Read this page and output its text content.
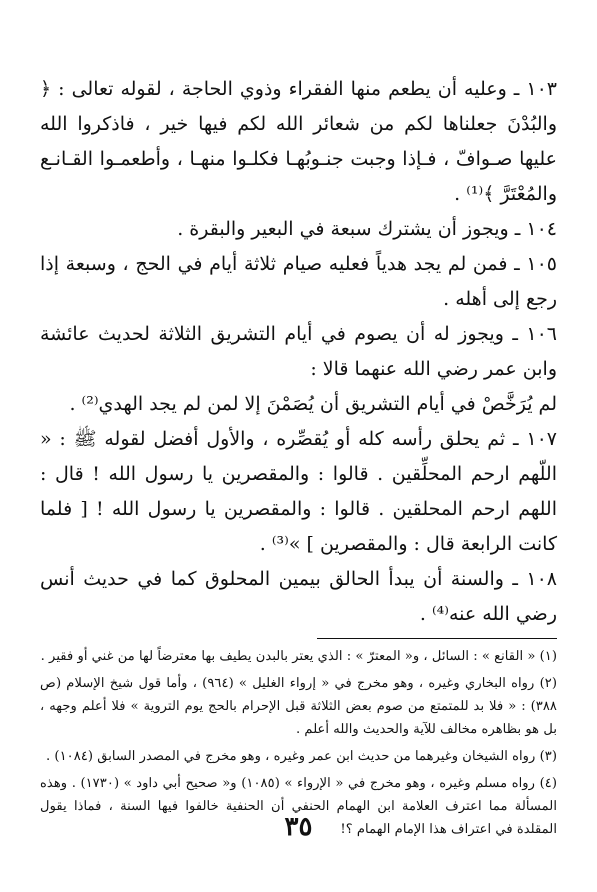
١٠٣ ـ وعليه أن يطعم منها الفقراء وذوي الحاجة ، لقوله تعالى : ﴿ والبُدْنَ جعلناها لكم من شعائر الله لكم فيها خير ، فاذكروا الله عليها صـوافّ ، فـإذا وجبت جنـوبُهـا فكلـوا منهـا ، وأطعمـوا القـانـع والمُعْتَرَّ ﴾⁽¹⁾ .

١٠٤ ـ ويجوز أن يشترك سبعة في البعير والبقرة .

١٠٥ ـ فمن لم يجد هدياً فعليه صيام ثلاثة أيام في الحج ، وسبعة إذا رجع إلى أهله .

١٠٦ ـ ويجوز له أن يصوم في أيام التشريق الثلاثة لحديث عائشة وابن عمر رضي الله عنهما قالا :

لم يُرَخَّصْ في أيام التشريق أن يُصَمْنَ إلا لمن لم يجد الهدي⁽²⁾ .

١٠٧ ـ ثم يحلق رأسه كله أو يُقصِّره ، والأول أفضل لقوله ﷺ : « اللّهم ارحم المحلِّقين . قالوا : والمقصرين يا رسول الله ! قال : اللهم ارحم المحلقين . قالوا : والمقصرين يا رسول الله ! [ فلما كانت الرابعة قال : والمقصرين ] »⁽³⁾ .

١٠٨ ـ والسنة أن يبدأ الحالق بيمين المحلوق كما في حديث أنس رضي الله عنه⁽⁴⁾ .

(١) « القانع » : السائل ، و« المعترّ » : الذي يعتر بالبدن يطيف بها معترضاً لها من غني أو فقير .

(٢) رواه البخاري وغيره ، وهو مخرج في « إرواء الغليل » (٩٦٤) ، وأما قول شيخ الإسلام (ص ٣٨٨) : « فلا بد للمتمتع من صوم بعض الثلاثة قبل الإحرام بالحج يوم التروية » فلا أعلم وجهه ، بل هو بظاهره مخالف للآية والحديث والله أعلم .

(٣) رواه الشيخان وغيرهما من حديث ابن عمر وغيره ، وهو مخرج في المصدر السابق (١٠٨٤) .

(٤) رواه مسلم وغيره ، وهو مخرج في « الإرواء » (١٠٨٥) و« صحيح أبي داود » (١٧٣٠) . وهذه المسألة مما اعترف العلامة ابن الهمام الحنفي أن الحنفية خالفوا فيها السنة ، فماذا يقول المقلدة في اعتراف هذا الإمام الهمام ؟!

٣٥
